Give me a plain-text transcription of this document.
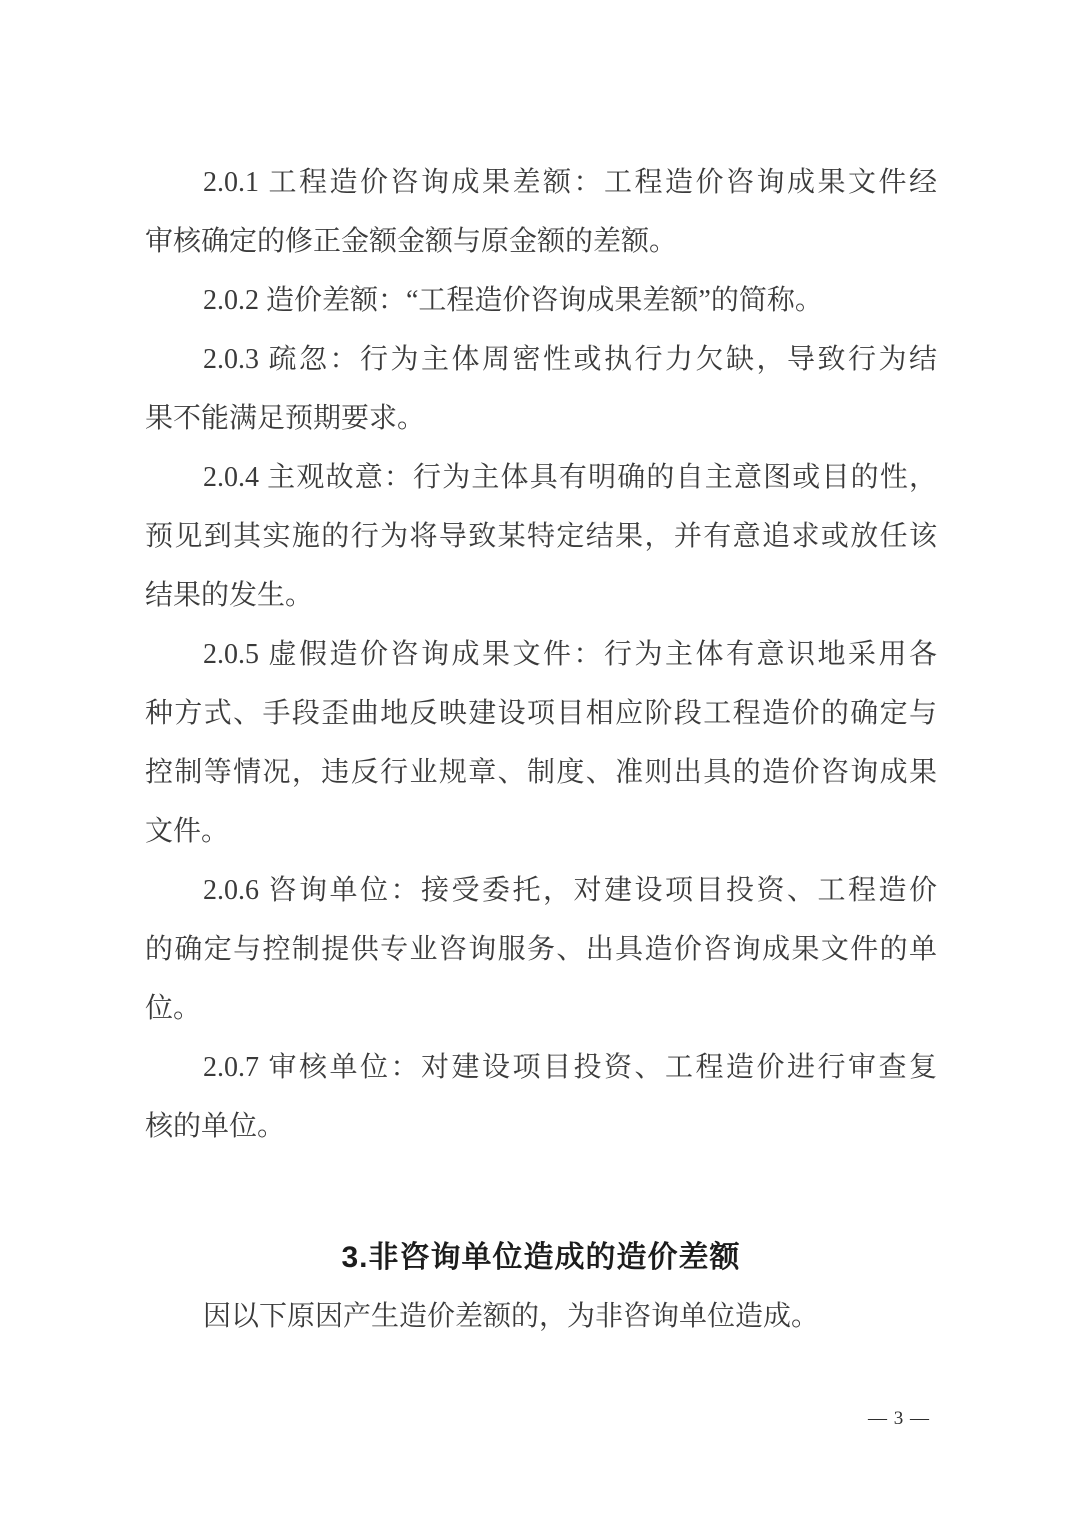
2.0.1 工程造价咨询成果差额：工程造价咨询成果文件经
审核确定的修正金额金额与原金额的差额。
2.0.2 造价差额：“工程造价咨询成果差额”的简称。
2.0.3 疏忽：行为主体周密性或执行力欠缺，导致行为结
果不能满足预期要求。
2.0.4 主观故意：行为主体具有明确的自主意图或目的性，
预见到其实施的行为将导致某特定结果，并有意追求或放任该
结果的发生。
2.0.5 虚假造价咨询成果文件：行为主体有意识地采用各
种方式、手段歪曲地反映建设项目相应阶段工程造价的确定与
控制等情况，违反行业规章、制度、准则出具的造价咨询成果
文件。
2.0.6 咨询单位：接受委托，对建设项目投资、工程造价
的确定与控制提供专业咨询服务、出具造价咨询成果文件的单
位。
2.0.7 审核单位：对建设项目投资、工程造价进行审查复
核的单位。
3.非咨询单位造成的造价差额
因以下原因产生造价差额的，为非咨询单位造成。
— 3 —
